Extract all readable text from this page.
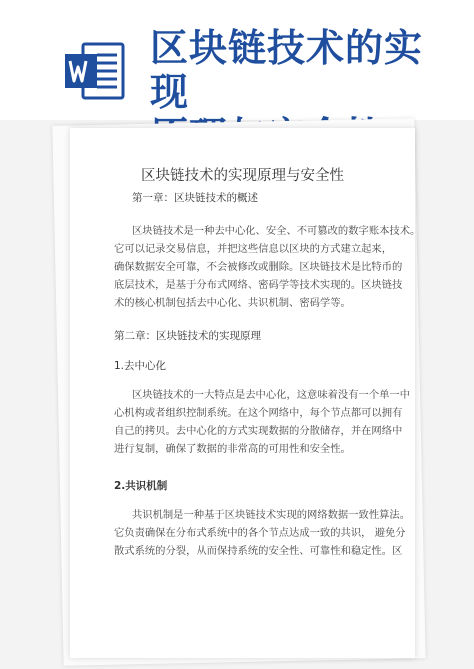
区块链技术的实现
区块链技术的实现原理与安全性
第一章：区块链技术的概述
区块链技术是一种去中心化、安全、不可篡改的数字账本技术。
它可以记录交易信息，并把这些信息以区块的方式建立起来，
确保数据安全可靠，不会被修改或删除。区块链技术是比特币的
底层技术，是基于分布式网络、密码学等技术实现的。区块链技
术的核心机制包括去中心化、共识机制、密码学等。
第二章：区块链技术的实现原理
1.去中心化
区块链技术的一大特点是去中心化，这意味着没有一个单一中
心机构或者组织控制系统。在这个网络中，每个节点都可以拥有
自己的拷贝。去中心化的方式实现数据的分散储存，并在网络中
进行复制，确保了数据的非常高的可用性和安全性。
2.共识机制
共识机制是一种基于区块链技术实现的网络数据一致性算法。
它负责确保在分布式系统中的各个节点达成一致的共识， 避免分
散式系统的分裂，从而保持系统的安全性、可靠性和稳定性。区
